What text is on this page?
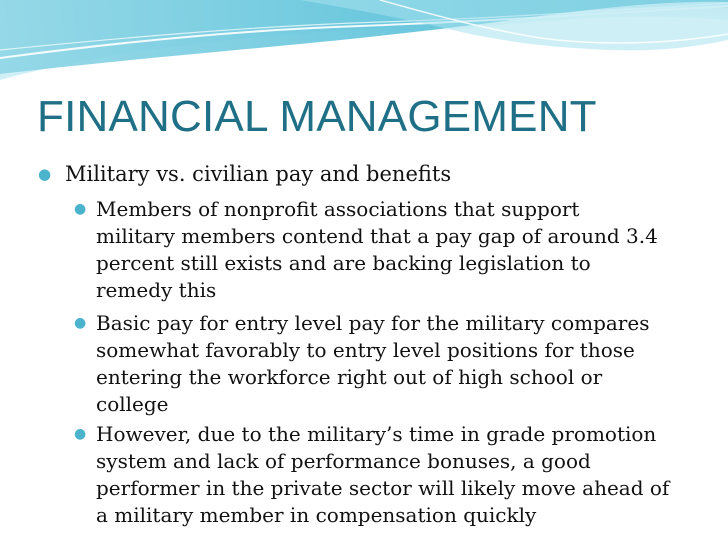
FINANCIAL MANAGEMENT
● Military vs. civilian pay and benefits
● Members of nonprofit associations that support
military members contend that a pay gap of around 3.4
percent still exists and are backing legislation to
remedy this
● Basic pay for entry level pay for the military compares
somewhat favorably to entry level positions for those
entering the workforce right out of high school or
college
● However, due to the military’s time in grade promotion
system and lack of performance bonuses, a good
performer in the private sector will likely move ahead of
a military member in compensation quickly
